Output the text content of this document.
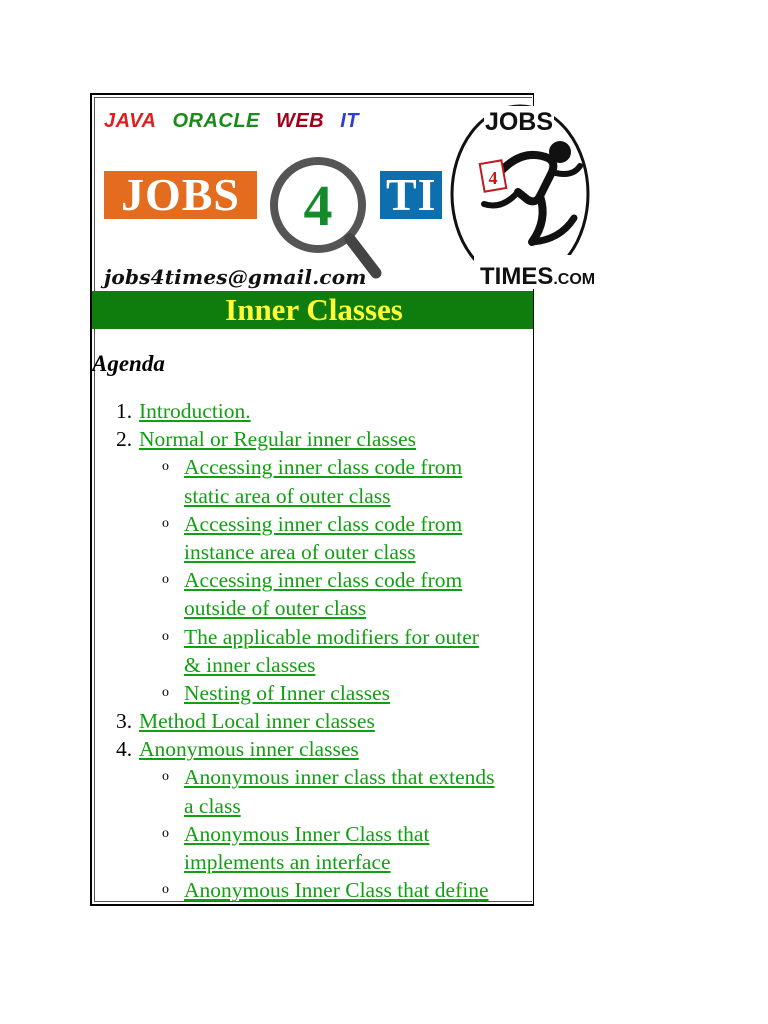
JAVA ORACLE WEB IT
JOBS 4 TI
jobs4times@gmail.com
Inner Classes
Agenda
1. Introduction.
2. Normal or Regular inner classes
o Accessing inner class code from
static area of outer class
o Accessing inner class code from
instance area of outer class
o Accessing inner class code from
outside of outer class
o The applicable modifiers for outer
& inner classes
o Nesting of Inner classes
3. Method Local inner classes
4. Anonymous inner classes
o Anonymous inner class that extends
a class
o Anonymous Inner Class that
implements an interface
o Anonymous Inner Class that define
JOBS
4
TIMES.COM
